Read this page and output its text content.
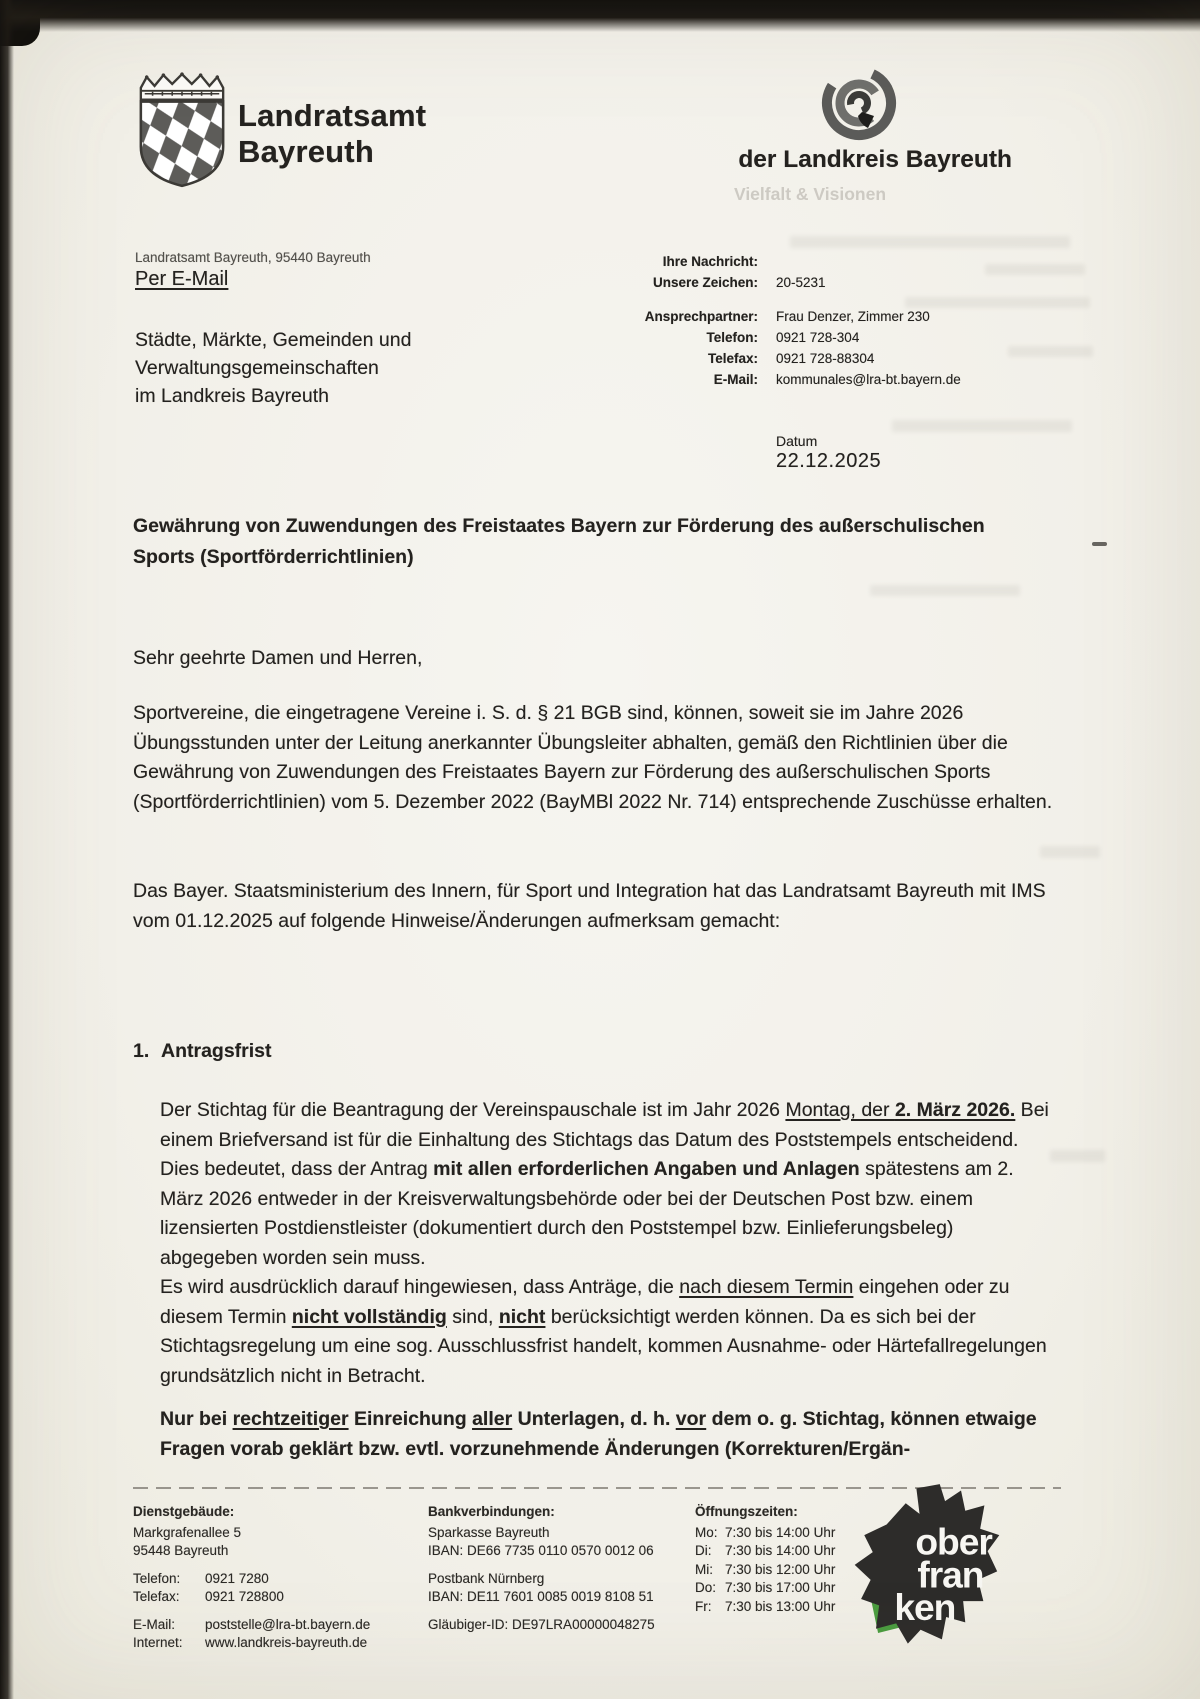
Landratsamt
Bayreuth	der Landkreis Bayreuth
Vielfalt & Visionen
Landratsamt Bayreuth, 95440 Bayreuth
Per E-Mail
Städte, Märkte, Gemeinden und
Verwaltungsgemeinschaften
im Landkreis Bayreuth
Ihre Nachricht:
Unsere Zeichen: 20-5231
Ansprechpartner: Frau Denzer, Zimmer 230
Telefon: 0921 728-304
Telefax: 0921 728-88304
E-Mail: kommunales@lra-bt.bayern.de
Datum
22.12.2025
Gewährung von Zuwendungen des Freistaates Bayern zur Förderung des außerschulischen
Sports (Sportförderrichtlinien)
Sehr geehrte Damen und Herren,
Sportvereine, die eingetragene Vereine i. S. d. § 21 BGB sind, können, soweit sie im Jahre 2026 Übungsstunden unter der Leitung anerkannter Übungsleiter abhalten, gemäß den Richtlinien über die Gewährung von Zuwendungen des Freistaates Bayern zur Förderung des außerschulischen Sports (Sportförderrichtlinien) vom 5. Dezember 2022 (BayMBl 2022 Nr. 714) entsprechende Zuschüsse erhalten.
Das Bayer. Staatsministerium des Innern, für Sport und Integration hat das Landratsamt Bayreuth mit IMS vom 01.12.2025 auf folgende Hinweise/Änderungen aufmerksam gemacht:
1. Antragsfrist
Der Stichtag für die Beantragung der Vereinspauschale ist im Jahr 2026 Montag, der 2. März 2026. Bei einem Briefversand ist für die Einhaltung des Stichtags das Datum des Poststempels entscheidend. Dies bedeutet, dass der Antrag mit allen erforderlichen Angaben und Anlagen spätestens am 2. März 2026 entweder in der Kreisverwaltungsbehörde oder bei der Deutschen Post bzw. einem lizensierten Postdienstleister (dokumentiert durch den Poststempel bzw. Einlieferungsbeleg) abgegeben worden sein muss.
Es wird ausdrücklich darauf hingewiesen, dass Anträge, die nach diesem Termin eingehen oder zu diesem Termin nicht vollständig sind, nicht berücksichtigt werden können. Da es sich bei der Stichtagsregelung um eine sog. Ausschlussfrist handelt, kommen Ausnahme- oder Härtefallregelungen grundsätzlich nicht in Betracht.
Nur bei rechtzeitiger Einreichung aller Unterlagen, d. h. vor dem o. g. Stichtag, können etwaige Fragen vorab geklärt bzw. evtl. vorzunehmende Änderungen (Korrekturen/Ergän-
Dienstgebäude:
Markgrafenallee 5
95448 Bayreuth
Telefon:	0921 7280
Telefax:	0921 728800
E-Mail:	poststelle@lra-bt.bayern.de
Internet:	www.landkreis-bayreuth.de
Bankverbindungen:
Sparkasse Bayreuth
IBAN: DE66 7735 0110 0570 0012 06
Postbank Nürnberg
IBAN: DE11 7601 0085 0019 8108 51
Gläubiger-ID: DE97LRA00000048275
Öffnungszeiten:
Mo: 7:30 bis 14:00 Uhr
Di:	7:30 bis 14:00 Uhr
Mi: 7:30 bis 12:00 Uhr
Do: 7:30 bis 17:00 Uhr
Fr:	7:30 bis 13:00 Uhr
ober
fran
ken
